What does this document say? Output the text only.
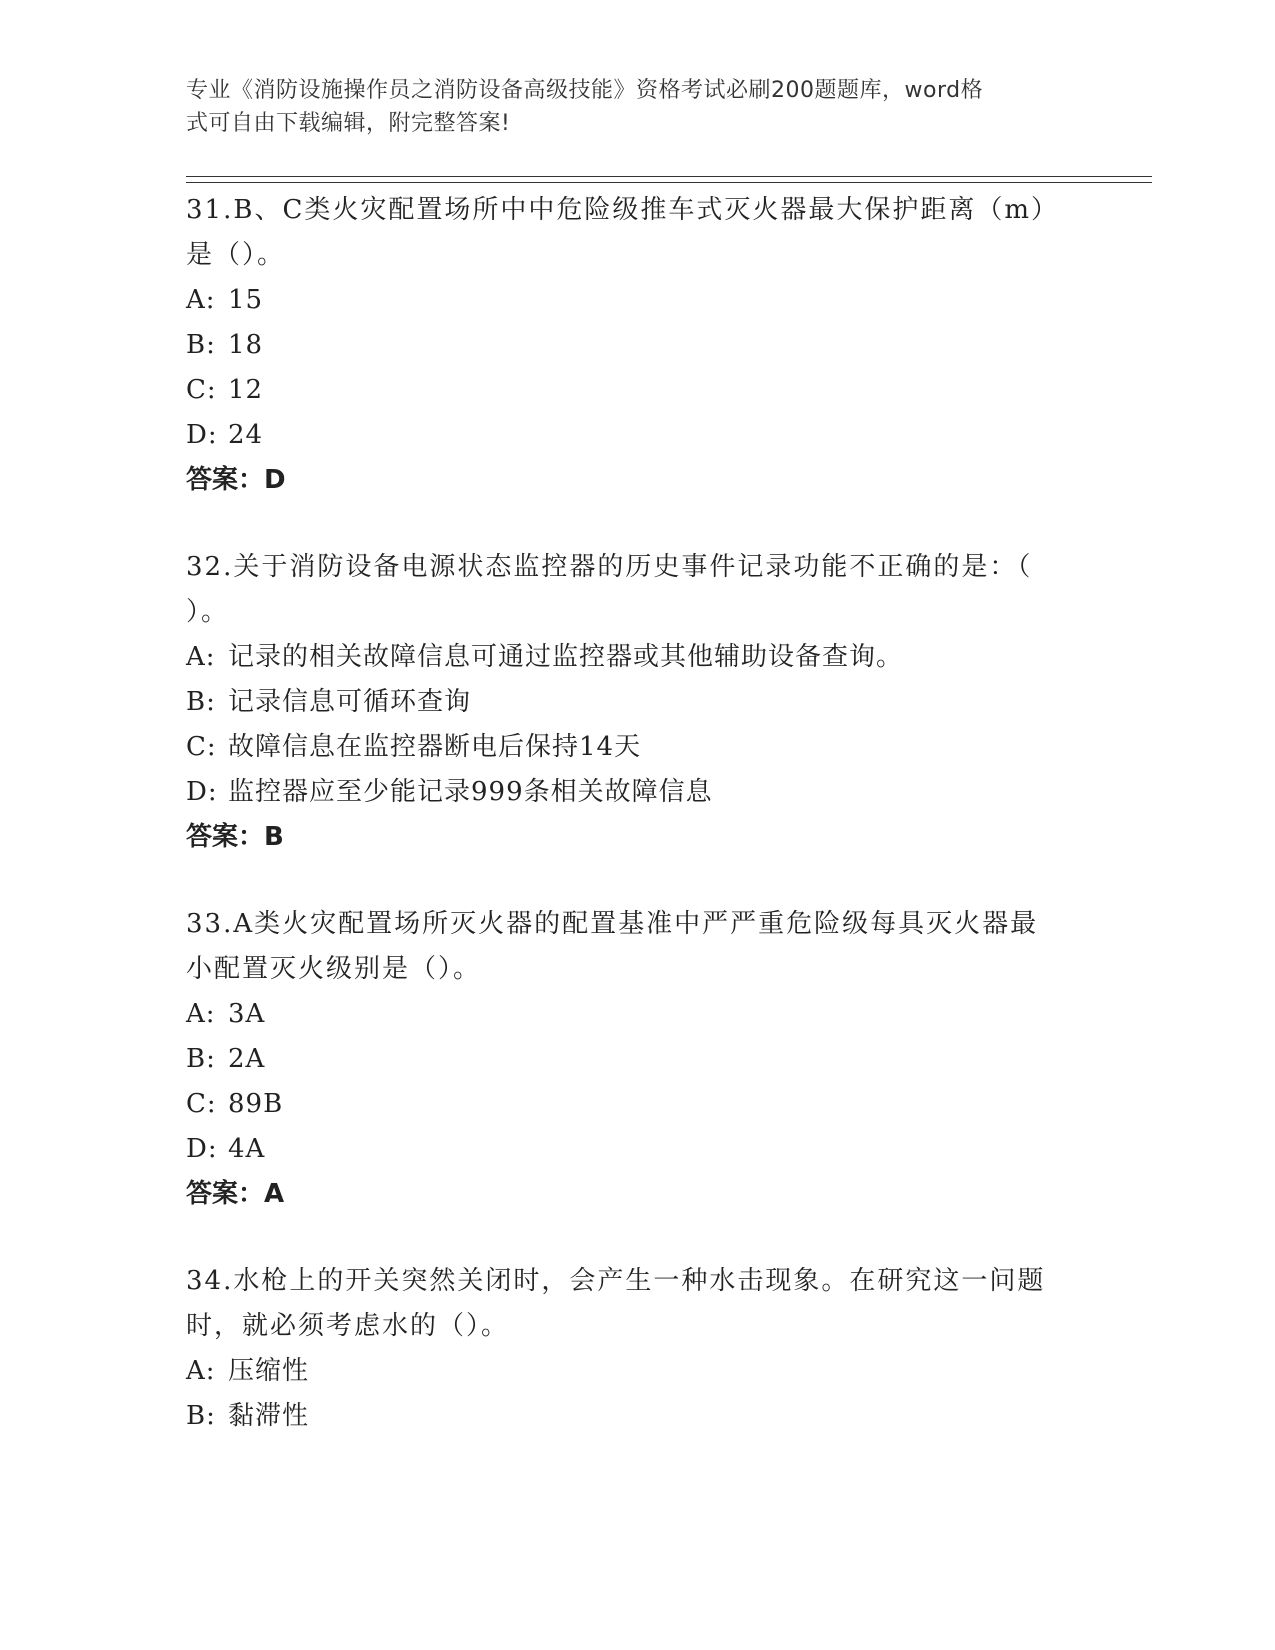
专业《消防设施操作员之消防设备高级技能》资格考试必刷200题题库，word格
式可自由下载编辑，附完整答案!
31.B、C类火灾配置场所中中危险级推车式灭火器最大保护距离（m）
是（）。
A: 15
B: 18
C: 12
D: 24
答案：D
32.关于消防设备电源状态监控器的历史事件记录功能不正确的是：（
）。
A: 记录的相关故障信息可通过监控器或其他辅助设备查询。
B: 记录信息可循环查询
C: 故障信息在监控器断电后保持14天
D: 监控器应至少能记录999条相关故障信息
答案：B
33.A类火灾配置场所灭火器的配置基准中严严重危险级每具灭火器最
小配置灭火级别是（）。
A: 3A
B: 2A
C: 89B
D: 4A
答案：A
34.水枪上的开关突然关闭时，会产生一种水击现象。在研究这一问题
时，就必须考虑水的（）。
A: 压缩性
B: 黏滞性
